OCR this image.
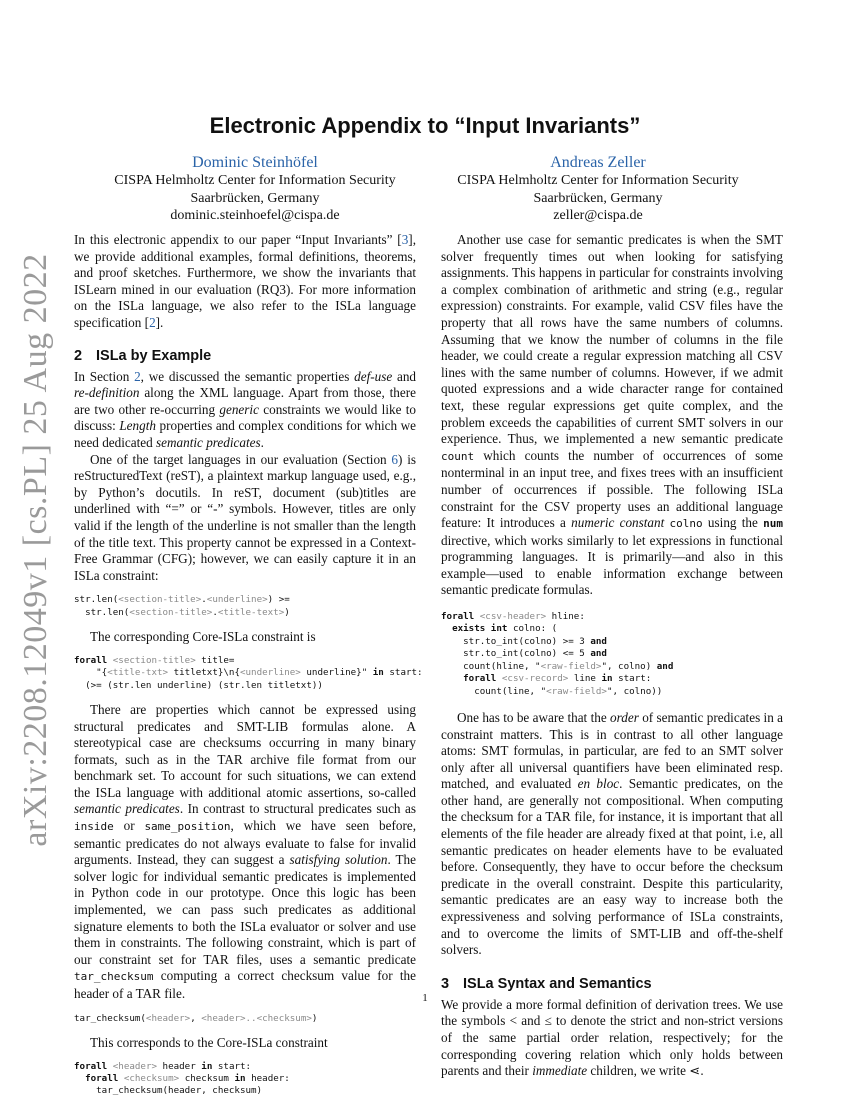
arXiv:2208.12049v1 [cs.PL] 25 Aug 2022
Electronic Appendix to “Input Invariants”
Dominic Steinhöfel
CISPA Helmholtz Center for Information Security
Saarbrücken, Germany
dominic.steinhoefel@cispa.de
Andreas Zeller
CISPA Helmholtz Center for Information Security
Saarbrücken, Germany
zeller@cispa.de

In this electronic appendix to our paper “Input Invariants” [3], we provide additional examples, formal definitions, theorems, and proof sketches. Furthermore, we show the invariants that ISLearn mined in our evaluation (RQ3). For more information on the ISLa language, we also refer to the ISLa language specification [2].

2 ISLa by Example

In Section 2, we discussed the semantic properties def-use and re-definition along the XML language. Apart from those, there are two other re-occurring generic constraints we would like to discuss: Length properties and complex conditions for which we need dedicated semantic predicates.

One of the target languages in our evaluation (Section 6) is reStructuredText (reST), a plaintext markup language used, e.g., by Python’s docutils. In reST, document (sub)titles are underlined with “=” or “-” symbols. However, titles are only valid if the length of the underline is not smaller than the length of the title text. This property cannot be expressed in a Context-Free Grammar (CFG); however, we can easily capture it in an ISLa constraint:

str.len(<section-title>.<underline>) >=
str.len(<section-title>.<title-text>)

The corresponding Core-ISLa constraint is

forall <section-title> title=
"{<title-txt> titletxt}\n{<underline> underline}" in start:
(>= (str.len underline) (str.len titletxt))

There are properties which cannot be expressed using structural predicates and SMT-LIB formulas alone. A stereotypical case are checksums occurring in many binary formats, such as in the TAR archive file format from our benchmark set. To account for such situations, we can extend the ISLa language with additional atomic assertions, so-called semantic predicates. In contrast to structural predicates such as inside or same_position, which we have seen before, semantic predicates do not always evaluate to false for invalid arguments. Instead, they can suggest a satisfying solution. The solver logic for individual semantic predicates is implemented in Python code in our prototype. Once this logic has been implemented, we can pass such predicates as additional signature elements to both the ISLa evaluator or solver and use them in constraints. The following constraint, which is part of our constraint set for TAR files, uses a semantic predicate tar_checksum computing a correct checksum value for the header of a TAR file.

tar_checksum(<header>, <header>..<checksum>)

This corresponds to the Core-ISLa constraint

forall <header> header in start:
forall <checksum> checksum in header:
tar_checksum(header, checksum)

Another use case for semantic predicates is when the SMT solver frequently times out when looking for satisfying assignments. This happens in particular for constraints involving a complex combination of arithmetic and string (e.g., regular expression) constraints. For example, valid CSV files have the property that all rows have the same numbers of columns. Assuming that we know the number of columns in the file header, we could create a regular expression matching all CSV lines with the same number of columns. However, if we admit quoted expressions and a wide character range for contained text, these regular expressions get quite complex, and the problem exceeds the capabilities of current SMT solvers in our experience. Thus, we implemented a new semantic predicate count which counts the number of occurrences of some nonterminal in an input tree, and fixes trees with an insufficient number of occurrences if possible. The following ISLa constraint for the CSV property uses an additional language feature: It introduces a numeric constant colno using the num directive, which works similarly to let expressions in functional programming languages. It is primarily—and also in this example—used to enable information exchange between semantic predicate formulas.

forall <csv-header> hline:
exists int colno: (
str.to_int(colno) >= 3 and
str.to_int(colno) <= 5 and
count(hline, "<raw-field>", colno) and
forall <csv-record> line in start:
count(line, "<raw-field>", colno))

One has to be aware that the order of semantic predicates in a constraint matters. This is in contrast to all other language atoms: SMT formulas, in particular, are fed to an SMT solver only after all universal quantifiers have been eliminated resp. matched, and evaluated en bloc. Semantic predicates, on the other hand, are generally not compositional. When computing the checksum for a TAR file, for instance, it is important that all elements of the file header are already fixed at that point, i.e, all semantic predicates on header elements have to be evaluated before. Consequently, they have to occur before the checksum predicate in the overall constraint. Despite this particularity, semantic predicates are an easy way to increase both the expressiveness and solving performance of ISLa constraints, and to overcome the limits of SMT-LIB and off-the-shelf solvers.

3 ISLa Syntax and Semantics

We provide a more formal definition of derivation trees. We use the symbols < and ≤ to denote the strict and non-strict versions of the same partial order relation, respectively; for the corresponding covering relation which only holds between parents and their immediate children, we write ⋖.

1
